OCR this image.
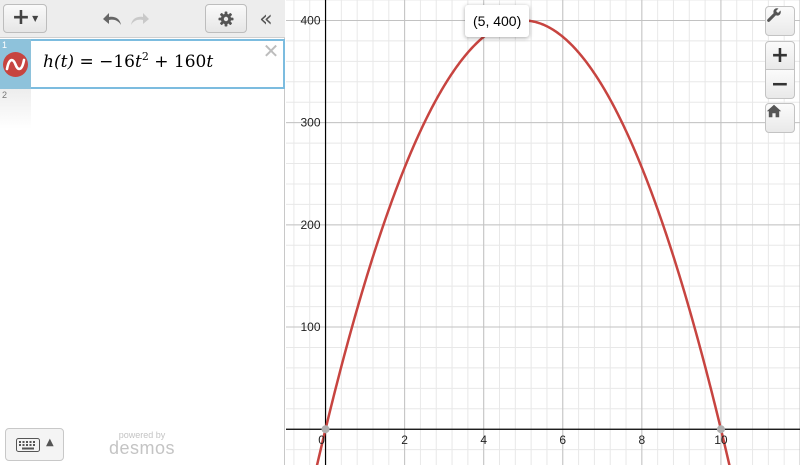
+ ▼	«
1
$h(t) = -16t^2 + 160t$ ✕
2
▲
powered by
desmos	0	2	4	6	8	10
100
200
300
400	(5, 400)
+
−
